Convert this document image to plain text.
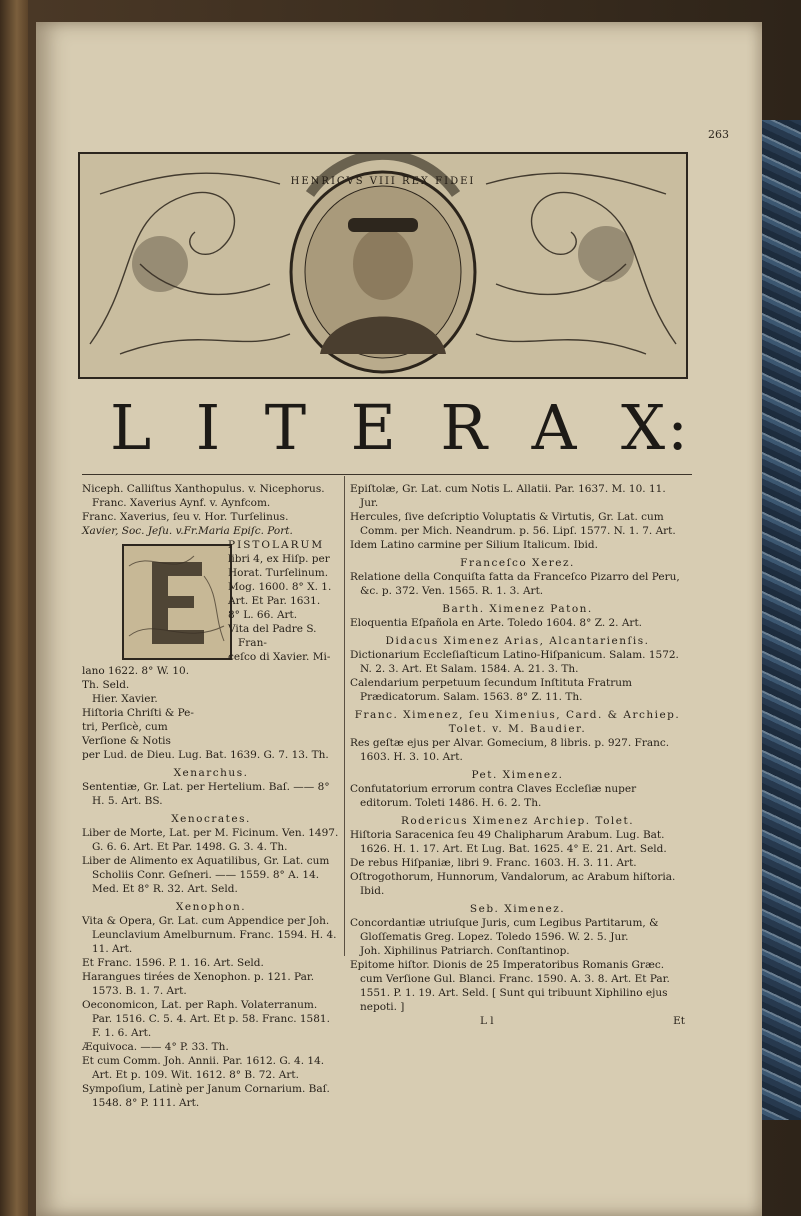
263
HENRICVS VIII REX FIDEI
L I T E R A X:

Niceph. Calliſtus Xanthopulus. v. Nicephorus.

Franc. Xaverius Aynf. v. Aynfcom.

Franc. Xaverius, ſeu v. Hor. Turſelinus.

Xavier, Soc. Jeſu. v.Fr.Maria Epiſc. Port.

PISTOLARUM

libri 4, ex Hiſp. per

Horat. Turſelinum.

Mog. 1600. 8° X. 1.

Art. Et Par. 1631.

8° L. 66. Art.

Vita del Padre S. Fran-

ceſco di Xavier. Mi-

lano 1622. 8° W. 10.

Th. Seld.

Hier. Xavier.

Hiſtoria Chriſti & Pe-

tri, Perſicè, cum

Verſione & Notis

per Lud. de Dieu. Lug. Bat. 1639. G. 7. 13. Th.

Xenarchus.

Sententiæ, Gr. Lat. per Hertelium. Baſ. —— 8° H. 5. Art. BS.

Xenocrates.

Liber de Morte, Lat. per M. Ficinum. Ven. 1497. G. 6. 6. Art. Et Par. 1498. G. 3. 4. Th.

Liber de Alimento ex Aquatilibus, Gr. Lat. cum Scholiis Conr. Geſneri. —— 1559. 8° A. 14. Med. Et 8° R. 32. Art. Seld.

Xenophon.

Vita & Opera, Gr. Lat. cum Appendice per Joh. Leunclavium Amelburnum. Franc. 1594. H. 4. 11. Art.

Et Franc. 1596. P. 1. 16. Art. Seld.

Harangues tirées de Xenophon. p. 121. Par. 1573. B. 1. 7. Art.

Oeconomicon, Lat. per Raph. Volaterranum. Par. 1516. C. 5. 4. Art. Et p. 58. Franc. 1581. F. 1. 6. Art.

Æquivoca. —— 4° P. 33. Th.

Et cum Comm. Joh. Annii. Par. 1612. G. 4. 14. Art. Et p. 109. Wit. 1612. 8° B. 72. Art.

Sympoſium, Latinè per Janum Cornarium. Baſ. 1548. 8° P. 111. Art.

Epiſtolæ, Gr. Lat. cum Notis L. Allatii. Par. 1637. M. 10. 11. Jur.

Hercules, ſive deſcriptio Voluptatis & Virtutis, Gr. Lat. cum Comm. per Mich. Neandrum. p. 56. Lipſ. 1577. N. 1. 7. Art.

Idem Latino carmine per Silium Italicum. Ibid.

Franceſco Xerez.

Relatione della Conquiſta fatta da Franceſco Pizarro del Peru, &c. p. 372. Ven. 1565. R. 1. 3. Art.

Barth. Ximenez Paton.

Eloquentia Eſpañola en Arte. Toledo 1604. 8° Z. 2. Art.

Didacus Ximenez Arias, Alcantarienſis.

Dictionarium Eccleſiaſticum Latino-Hiſpanicum. Salam. 1572. N. 2. 3. Art. Et Salam. 1584. A. 21. 3. Th.

Calendarium perpetuum ſecundum Inſtituta Fratrum Prædicatorum. Salam. 1563. 8° Z. 11. Th.

Franc. Ximenez, ſeu Ximenius, Card. & Archiep. Tolet. v. M. Baudier.

Res geſtæ ejus per Alvar. Gomecium, 8 libris. p. 927. Franc. 1603. H. 3. 10. Art.

Pet. Ximenez.

Confutatorium errorum contra Claves Eccleſiæ nuper editorum. Toleti 1486. H. 6. 2. Th.

Rodericus Ximenez Archiep. Tolet.

Hiſtoria Saracenica ſeu 49 Chalipharum Arabum. Lug. Bat. 1626. H. 1. 17. Art. Et Lug. Bat. 1625. 4° E. 21. Art. Seld.

De rebus Hiſpaniæ, libri 9. Franc. 1603. H. 3. 11. Art.

Oſtrogothorum, Hunnorum, Vandalorum, ac Arabum hiſtoria. Ibid.

Seb. Ximenez.

Concordantiæ utriuſque Juris, cum Legibus Partitarum, & Gloſſematis Greg. Lopez. Toledo 1596. W. 2. 5. Jur.

Joh. Xiphilinus Patriarch. Conſtantinop.

Epitome hiſtor. Dionis de 25 Imperatoribus Romanis Græc. cum Verſione Gul. Blanci. Franc. 1590. A. 3. 8. Art. Et Par. 1551. P. 1. 19. Art. Seld. [ Sunt qui tribuunt Xiphilino ejus nepoti. ]

L l	Et
